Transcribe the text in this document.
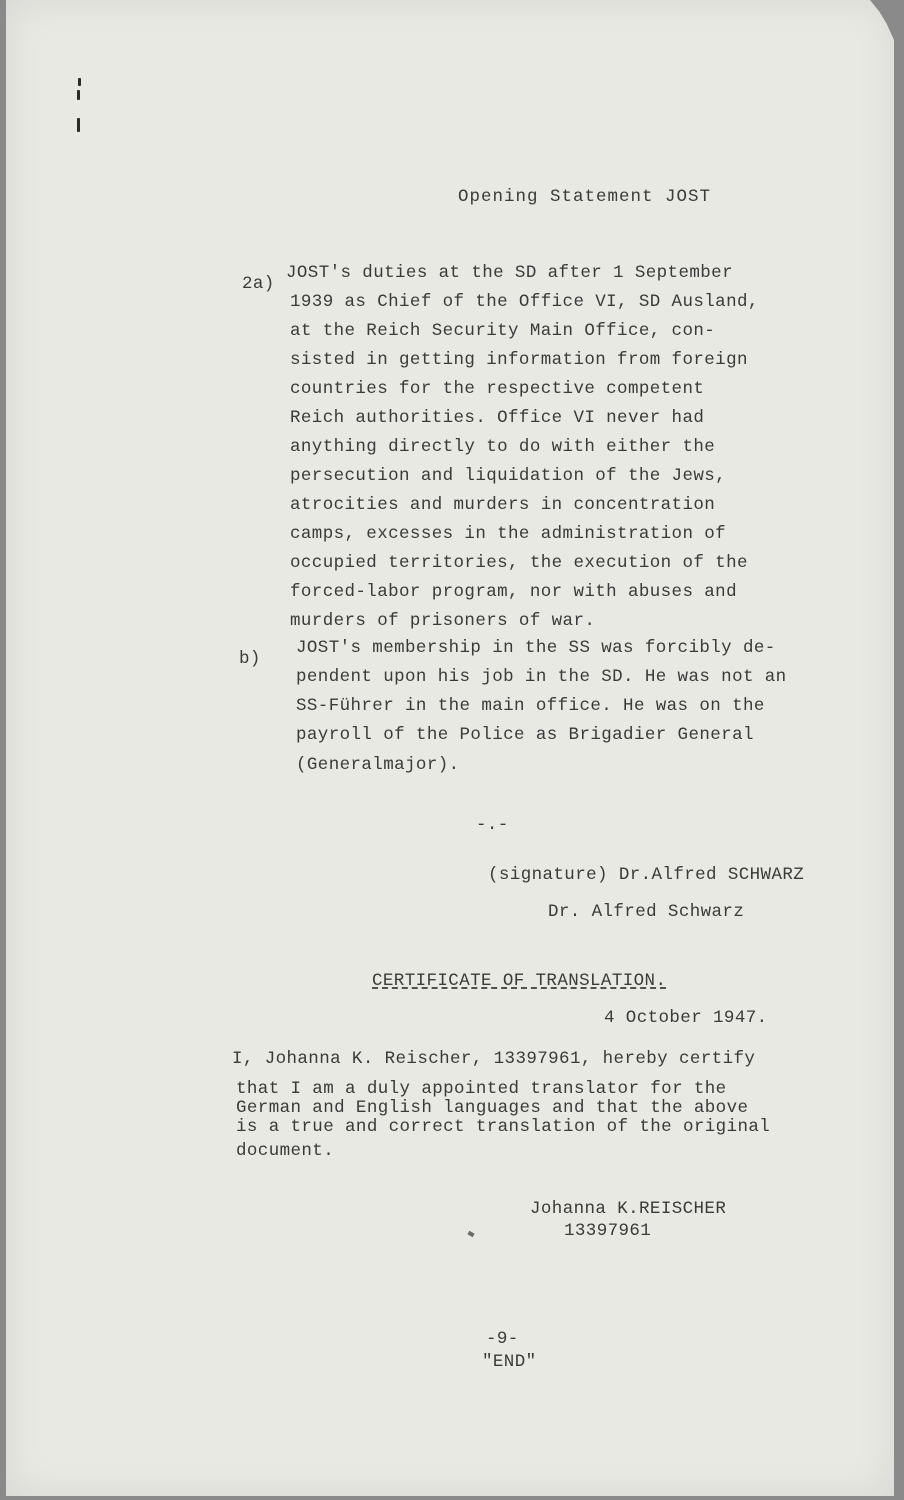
Opening Statement JOST
2a)
JOST's duties at the SD after 1 September
1939 as Chief of the Office VI, SD Ausland,
at the Reich Security Main Office, con-
sisted in getting information from foreign
countries for the respective competent
Reich authorities. Office VI never had
anything directly to do with either the
persecution and liquidation of the Jews,
atrocities and murders in concentration
camps, excesses in the administration of
occupied territories, the execution of the
forced-labor program, nor with abuses and
murders of prisoners of war.
b)
JOST's membership in the SS was forcibly de-
pendent upon his job in the SD. He was not an
SS-Führer in the main office. He was on the
payroll of the Police as Brigadier General
(Generalmajor).
-.-
(signature) Dr.Alfred SCHWARZ
Dr. Alfred Schwarz
CERTIFICATE OF TRANSLATION.
4 October 1947.
I, Johanna K. Reischer, 13397961, hereby certify
that I am a duly appointed translator for the
German and English languages and that the above
is a true and correct translation of the original
document.
Johanna K.REISCHER
13397961
-9-
"END"
